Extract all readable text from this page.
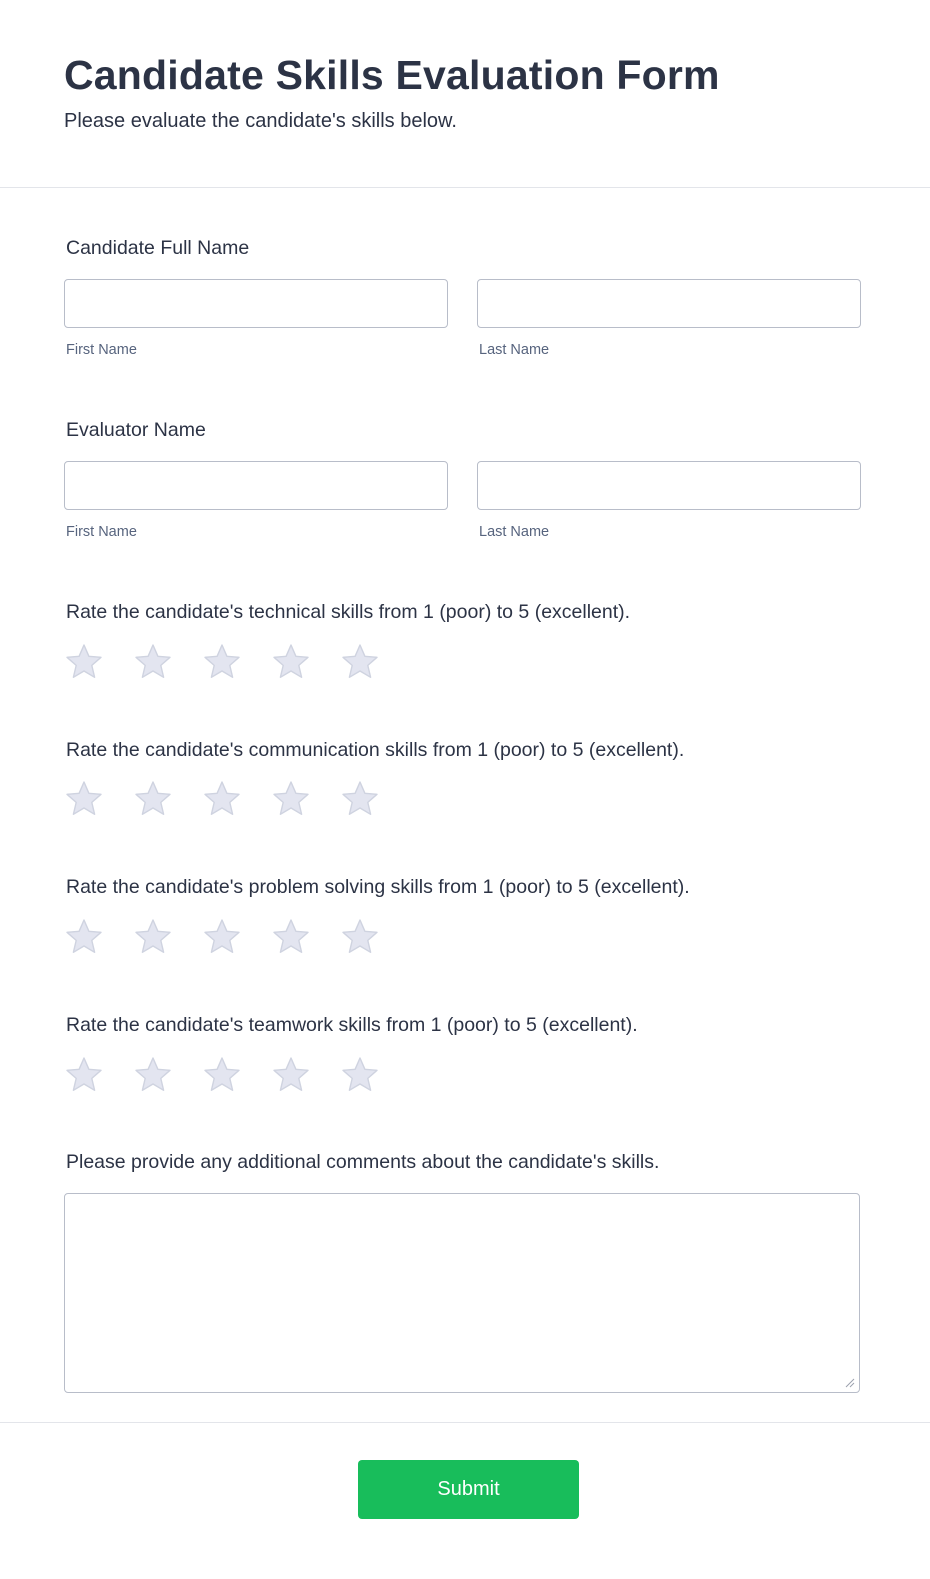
Candidate Skills Evaluation Form

Please evaluate the candidate's skills below.

Candidate Full Name
First Name	Last Name
Evaluator Name
First Name	Last Name
Rate the candidate's technical skills from 1 (poor) to 5 (excellent).
Rate the candidate's communication skills from 1 (poor) to 5 (excellent).
Rate the candidate's problem solving skills from 1 (poor) to 5 (excellent).
Rate the candidate's teamwork skills from 1 (poor) to 5 (excellent).
Please provide any additional comments about the candidate's skills.
Submit
